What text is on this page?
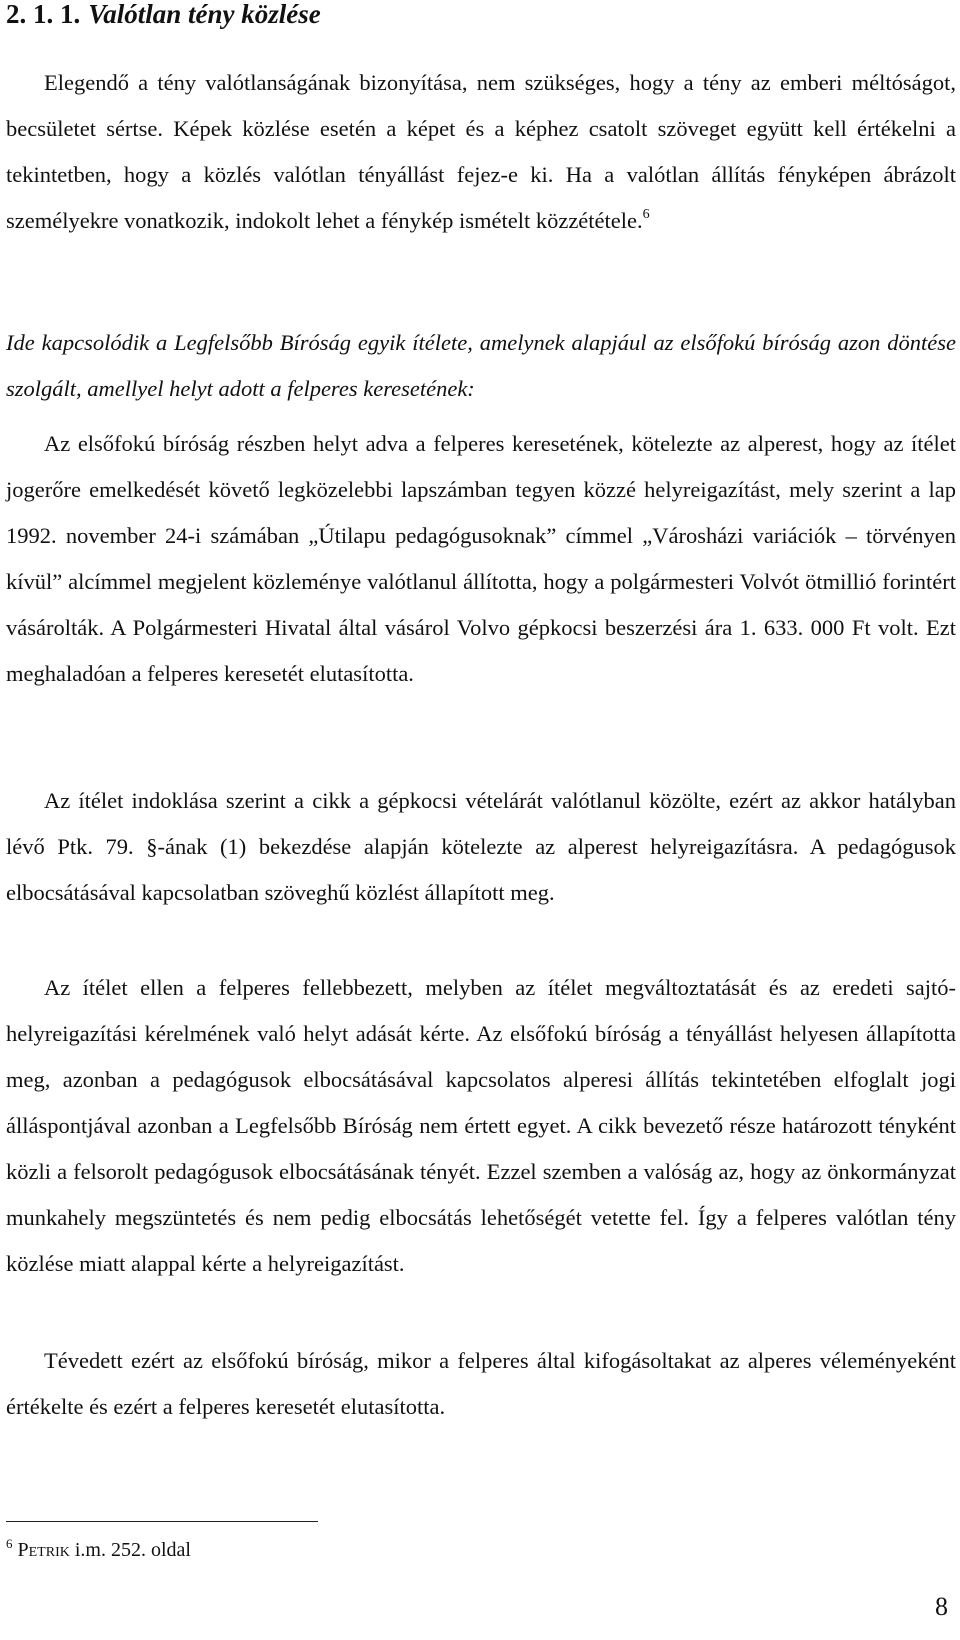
2. 1. 1. Valótlan tény közlése

Elegendő a tény valótlanságának bizonyítása, nem szükséges, hogy a tény az emberi méltóságot, becsületet sértse. Képek közlése esetén a képet és a képhez csatolt szöveget együtt kell értékelni a tekintetben, hogy a közlés valótlan tényállást fejez-e ki. Ha a valótlan állítás fényképen ábrázolt személyekre vonatkozik, indokolt lehet a fénykép ismételt közzététele.$^6$

Ide kapcsolódik a Legfelsőbb Bíróság egyik ítélete, amelynek alapjául az elsőfokú bíróság azon döntése szolgált, amellyel helyt adott a felperes keresetének:

Az elsőfokú bíróság részben helyt adva a felperes keresetének, kötelezte az alperest, hogy az ítélet jogerőre emelkedését követő legközelebbi lapszámban tegyen közzé helyreigazítást, mely szerint a lap 1992. november 24-i számában „Útilapu pedagógusoknak” címmel „Városházi variációk – törvényen kívül” alcímmel megjelent közleménye valótlanul állította, hogy a polgármesteri Volvót ötmillió forintért vásárolták. A Polgármesteri Hivatal által vásárol Volvo gépkocsi beszerzési ára 1. 633. 000 Ft volt. Ezt meghaladóan a felperes keresetét elutasította.

Az ítélet indoklása szerint a cikk a gépkocsi vételárát valótlanul közölte, ezért az akkor hatályban lévő Ptk. 79. §-ának (1) bekezdése alapján kötelezte az alperest helyreigazításra. A pedagógusok elbocsátásával kapcsolatban szöveghű közlést állapított meg.

Az ítélet ellen a felperes fellebbezett, melyben az ítélet megváltoztatását és az eredeti sajtó-helyreigazítási kérelmének való helyt adását kérte. Az elsőfokú bíróság a tényállást helyesen állapította meg, azonban a pedagógusok elbocsátásával kapcsolatos alperesi állítás tekintetében elfoglalt jogi álláspontjával azonban a Legfelsőbb Bíróság nem értett egyet. A cikk bevezető része határozott tényként közli a felsorolt pedagógusok elbocsátásának tényét. Ezzel szemben a valóság az, hogy az önkormányzat munkahely megszüntetés és nem pedig elbocsátás lehetőségét vetette fel. Így a felperes valótlan tény közlése miatt alappal kérte a helyreigazítást.

Tévedett ezért az elsőfokú bíróság, mikor a felperes által kifogásoltakat az alperes véleményeként értékelte és ezért a felperes keresetét elutasította.

$^6$ Petrik i.m. 252. oldal

8
